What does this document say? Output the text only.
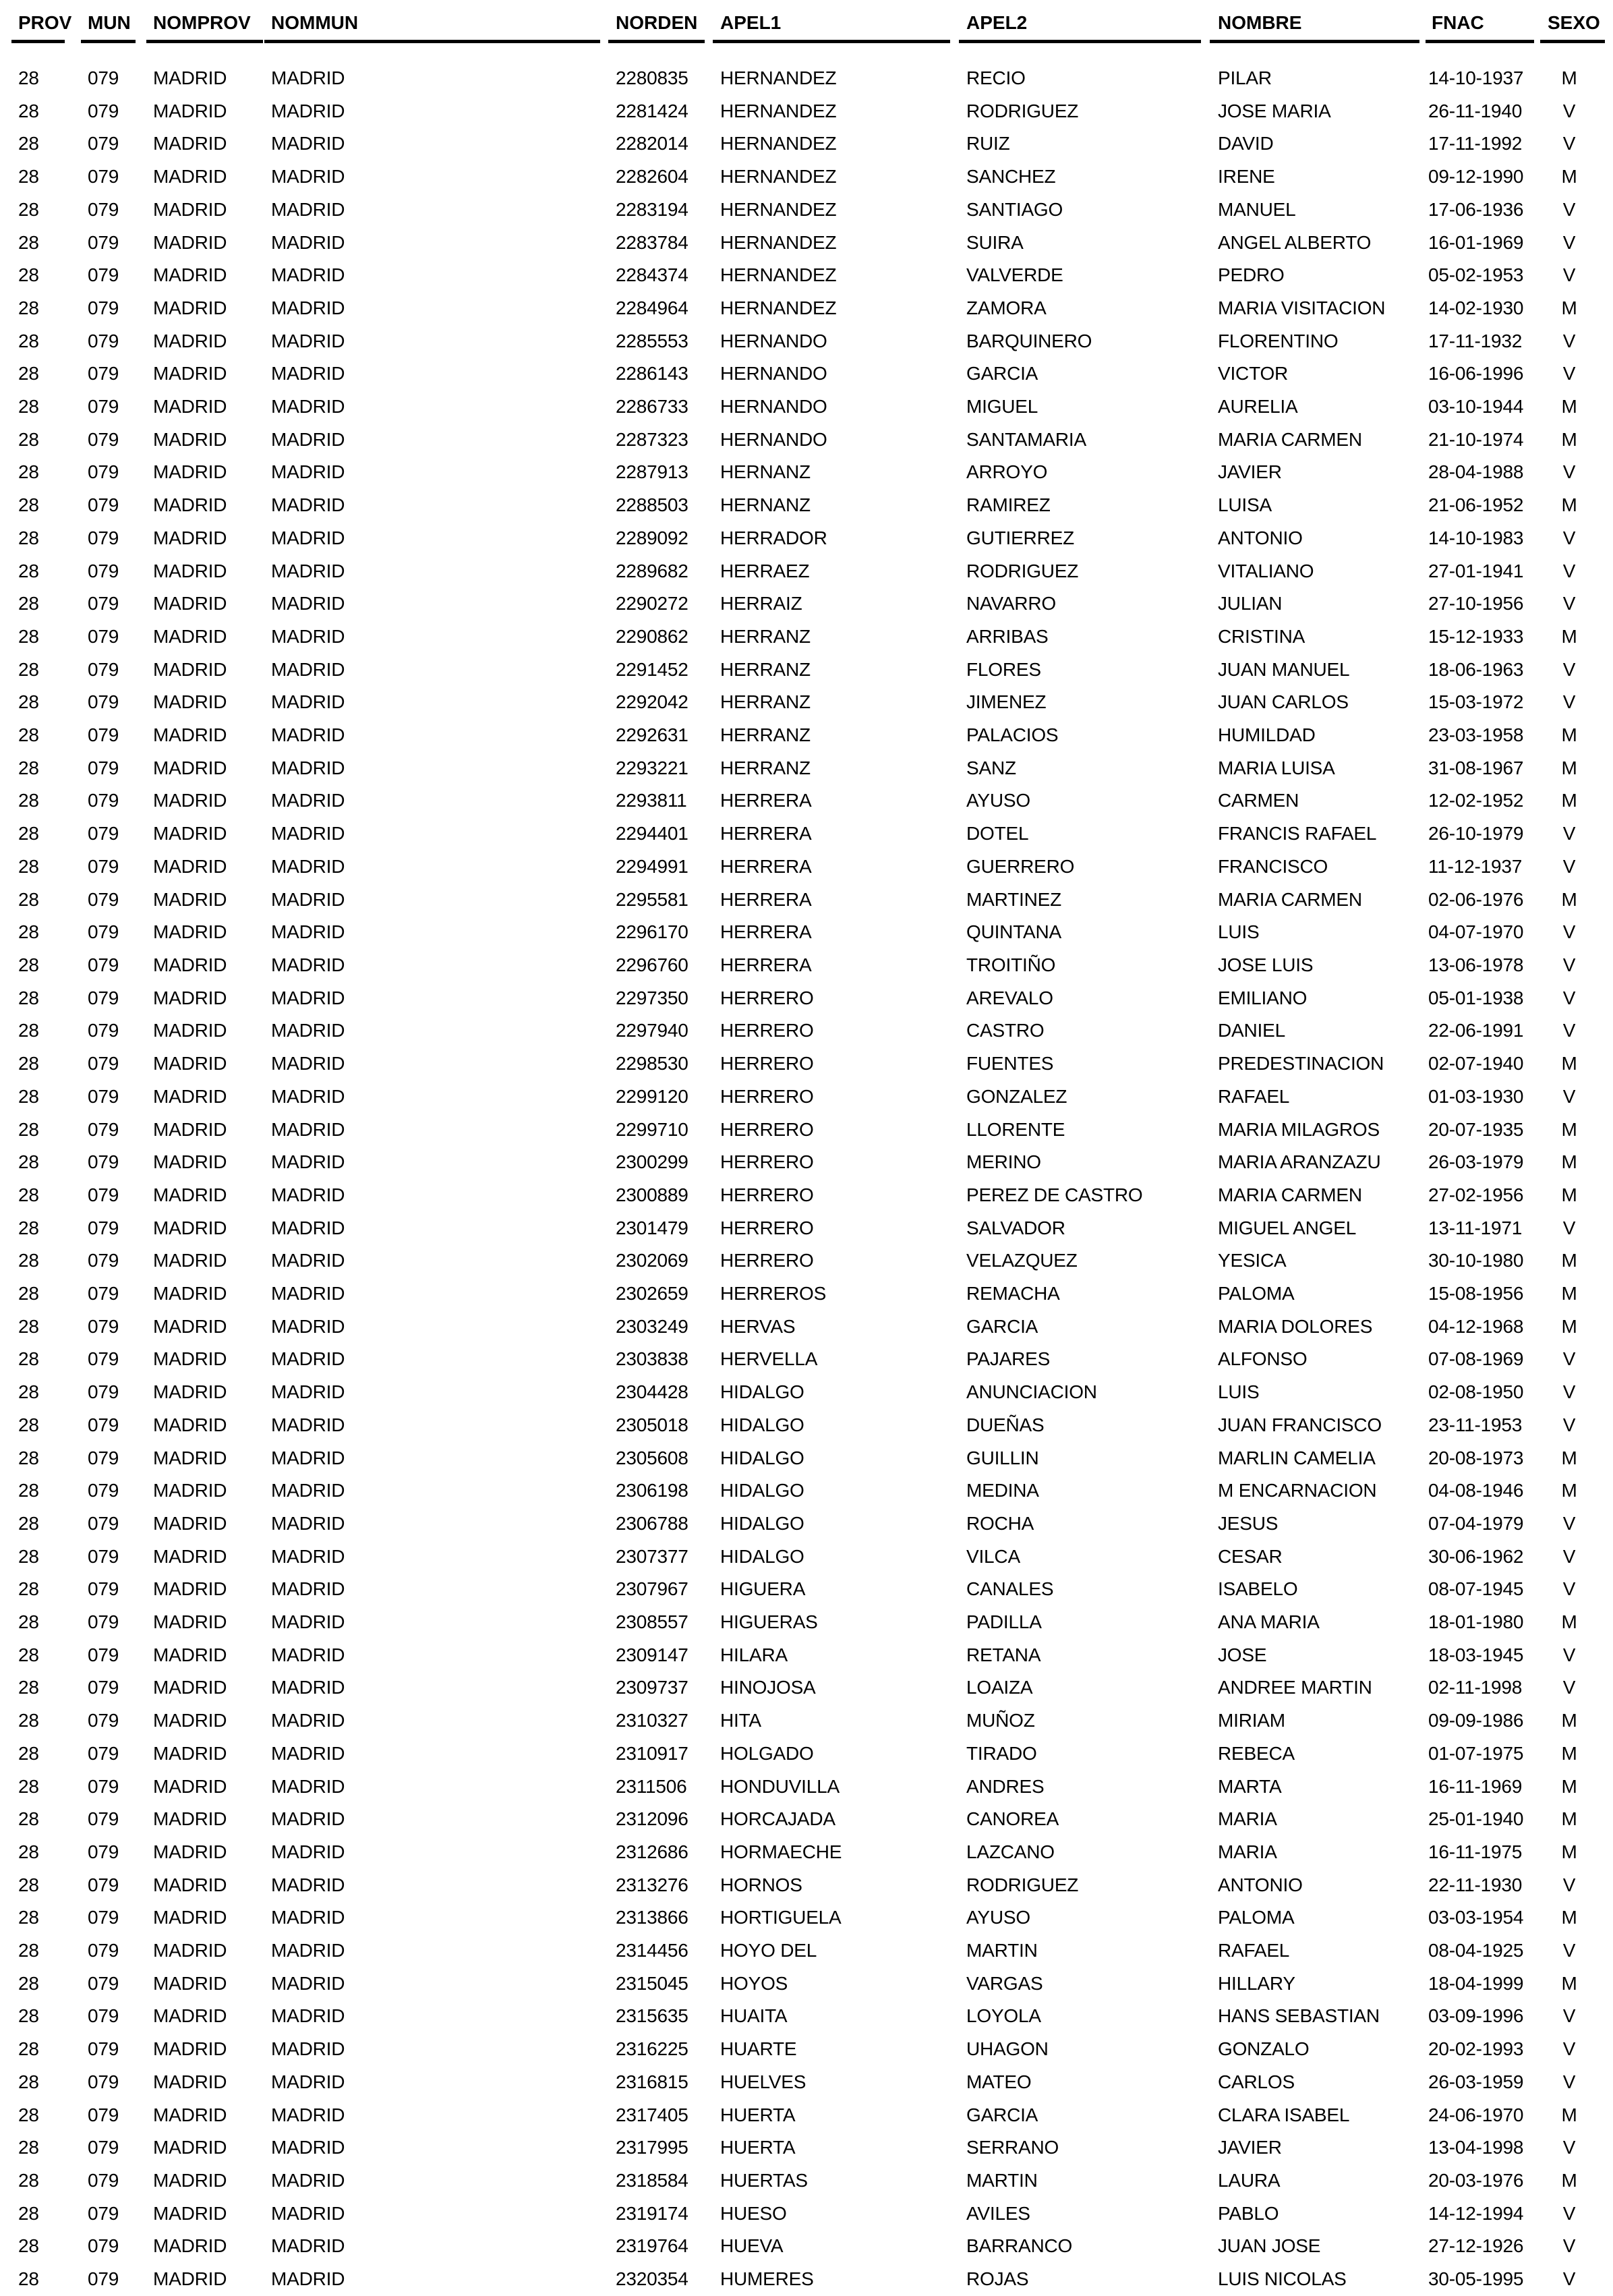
PROV	MUN	NOMPROV	NOMMUN	NORDEN	APEL1	APEL2	NOMBRE	FNAC	SEXO
28	079	MADRID	MADRID	2280835	HERNANDEZ	RECIO	PILAR	14-10-1937	M
28	079	MADRID	MADRID	2281424	HERNANDEZ	RODRIGUEZ	JOSE MARIA	26-11-1940	V
28	079	MADRID	MADRID	2282014	HERNANDEZ	RUIZ	DAVID	17-11-1992	V
28	079	MADRID	MADRID	2282604	HERNANDEZ	SANCHEZ	IRENE	09-12-1990	M
28	079	MADRID	MADRID	2283194	HERNANDEZ	SANTIAGO	MANUEL	17-06-1936	V
28	079	MADRID	MADRID	2283784	HERNANDEZ	SUIRA	ANGEL ALBERTO	16-01-1969	V
28	079	MADRID	MADRID	2284374	HERNANDEZ	VALVERDE	PEDRO	05-02-1953	V
28	079	MADRID	MADRID	2284964	HERNANDEZ	ZAMORA	MARIA VISITACION	14-02-1930	M
28	079	MADRID	MADRID	2285553	HERNANDO	BARQUINERO	FLORENTINO	17-11-1932	V
28	079	MADRID	MADRID	2286143	HERNANDO	GARCIA	VICTOR	16-06-1996	V
28	079	MADRID	MADRID	2286733	HERNANDO	MIGUEL	AURELIA	03-10-1944	M
28	079	MADRID	MADRID	2287323	HERNANDO	SANTAMARIA	MARIA CARMEN	21-10-1974	M
28	079	MADRID	MADRID	2287913	HERNANZ	ARROYO	JAVIER	28-04-1988	V
28	079	MADRID	MADRID	2288503	HERNANZ	RAMIREZ	LUISA	21-06-1952	M
28	079	MADRID	MADRID	2289092	HERRADOR	GUTIERREZ	ANTONIO	14-10-1983	V
28	079	MADRID	MADRID	2289682	HERRAEZ	RODRIGUEZ	VITALIANO	27-01-1941	V
28	079	MADRID	MADRID	2290272	HERRAIZ	NAVARRO	JULIAN	27-10-1956	V
28	079	MADRID	MADRID	2290862	HERRANZ	ARRIBAS	CRISTINA	15-12-1933	M
28	079	MADRID	MADRID	2291452	HERRANZ	FLORES	JUAN MANUEL	18-06-1963	V
28	079	MADRID	MADRID	2292042	HERRANZ	JIMENEZ	JUAN CARLOS	15-03-1972	V
28	079	MADRID	MADRID	2292631	HERRANZ	PALACIOS	HUMILDAD	23-03-1958	M
28	079	MADRID	MADRID	2293221	HERRANZ	SANZ	MARIA LUISA	31-08-1967	M
28	079	MADRID	MADRID	2293811	HERRERA	AYUSO	CARMEN	12-02-1952	M
28	079	MADRID	MADRID	2294401	HERRERA	DOTEL	FRANCIS RAFAEL	26-10-1979	V
28	079	MADRID	MADRID	2294991	HERRERA	GUERRERO	FRANCISCO	11-12-1937	V
28	079	MADRID	MADRID	2295581	HERRERA	MARTINEZ	MARIA CARMEN	02-06-1976	M
28	079	MADRID	MADRID	2296170	HERRERA	QUINTANA	LUIS	04-07-1970	V
28	079	MADRID	MADRID	2296760	HERRERA	TROITIÑO	JOSE LUIS	13-06-1978	V
28	079	MADRID	MADRID	2297350	HERRERO	AREVALO	EMILIANO	05-01-1938	V
28	079	MADRID	MADRID	2297940	HERRERO	CASTRO	DANIEL	22-06-1991	V
28	079	MADRID	MADRID	2298530	HERRERO	FUENTES	PREDESTINACION	02-07-1940	M
28	079	MADRID	MADRID	2299120	HERRERO	GONZALEZ	RAFAEL	01-03-1930	V
28	079	MADRID	MADRID	2299710	HERRERO	LLORENTE	MARIA MILAGROS	20-07-1935	M
28	079	MADRID	MADRID	2300299	HERRERO	MERINO	MARIA ARANZAZU	26-03-1979	M
28	079	MADRID	MADRID	2300889	HERRERO	PEREZ DE CASTRO	MARIA CARMEN	27-02-1956	M
28	079	MADRID	MADRID	2301479	HERRERO	SALVADOR	MIGUEL ANGEL	13-11-1971	V
28	079	MADRID	MADRID	2302069	HERRERO	VELAZQUEZ	YESICA	30-10-1980	M
28	079	MADRID	MADRID	2302659	HERREROS	REMACHA	PALOMA	15-08-1956	M
28	079	MADRID	MADRID	2303249	HERVAS	GARCIA	MARIA DOLORES	04-12-1968	M
28	079	MADRID	MADRID	2303838	HERVELLA	PAJARES	ALFONSO	07-08-1969	V
28	079	MADRID	MADRID	2304428	HIDALGO	ANUNCIACION	LUIS	02-08-1950	V
28	079	MADRID	MADRID	2305018	HIDALGO	DUEÑAS	JUAN FRANCISCO	23-11-1953	V
28	079	MADRID	MADRID	2305608	HIDALGO	GUILLIN	MARLIN CAMELIA	20-08-1973	M
28	079	MADRID	MADRID	2306198	HIDALGO	MEDINA	M ENCARNACION	04-08-1946	M
28	079	MADRID	MADRID	2306788	HIDALGO	ROCHA	JESUS	07-04-1979	V
28	079	MADRID	MADRID	2307377	HIDALGO	VILCA	CESAR	30-06-1962	V
28	079	MADRID	MADRID	2307967	HIGUERA	CANALES	ISABELO	08-07-1945	V
28	079	MADRID	MADRID	2308557	HIGUERAS	PADILLA	ANA MARIA	18-01-1980	M
28	079	MADRID	MADRID	2309147	HILARA	RETANA	JOSE	18-03-1945	V
28	079	MADRID	MADRID	2309737	HINOJOSA	LOAIZA	ANDREE MARTIN	02-11-1998	V
28	079	MADRID	MADRID	2310327	HITA	MUÑOZ	MIRIAM	09-09-1986	M
28	079	MADRID	MADRID	2310917	HOLGADO	TIRADO	REBECA	01-07-1975	M
28	079	MADRID	MADRID	2311506	HONDUVILLA	ANDRES	MARTA	16-11-1969	M
28	079	MADRID	MADRID	2312096	HORCAJADA	CANOREA	MARIA	25-01-1940	M
28	079	MADRID	MADRID	2312686	HORMAECHE	LAZCANO	MARIA	16-11-1975	M
28	079	MADRID	MADRID	2313276	HORNOS	RODRIGUEZ	ANTONIO	22-11-1930	V
28	079	MADRID	MADRID	2313866	HORTIGUELA	AYUSO	PALOMA	03-03-1954	M
28	079	MADRID	MADRID	2314456	HOYO DEL	MARTIN	RAFAEL	08-04-1925	V
28	079	MADRID	MADRID	2315045	HOYOS	VARGAS	HILLARY	18-04-1999	M
28	079	MADRID	MADRID	2315635	HUAITA	LOYOLA	HANS SEBASTIAN	03-09-1996	V
28	079	MADRID	MADRID	2316225	HUARTE	UHAGON	GONZALO	20-02-1993	V
28	079	MADRID	MADRID	2316815	HUELVES	MATEO	CARLOS	26-03-1959	V
28	079	MADRID	MADRID	2317405	HUERTA	GARCIA	CLARA ISABEL	24-06-1970	M
28	079	MADRID	MADRID	2317995	HUERTA	SERRANO	JAVIER	13-04-1998	V
28	079	MADRID	MADRID	2318584	HUERTAS	MARTIN	LAURA	20-03-1976	M
28	079	MADRID	MADRID	2319174	HUESO	AVILES	PABLO	14-12-1994	V
28	079	MADRID	MADRID	2319764	HUEVA	BARRANCO	JUAN JOSE	27-12-1926	V
28	079	MADRID	MADRID	2320354	HUMERES	ROJAS	LUIS NICOLAS	30-05-1995	V
